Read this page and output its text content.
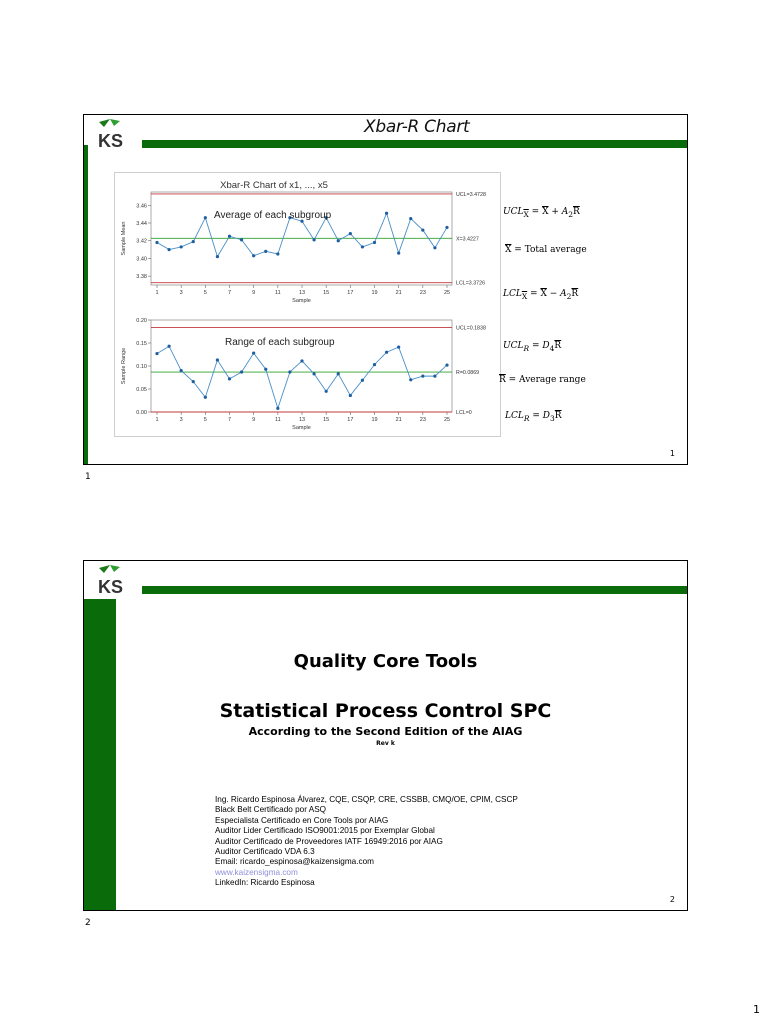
KS
Xbar-R Chart
Xbar-R Chart of x1, ..., x5
3.38
3.40
3.42
3.44
3.46
1	3	5	7	9	11	13	15	17	19	21	23	25
Sample
Sample Mean
UCL=3.4728
X=3.4227
LCL=3.3726
Average of each subgroup
0.00
0.05
0.10
0.15
0.20
1	3	5	7	9	11	13	15	17	19	21	23	25
Sample
Sample Range
UCL=0.1838
R=0.0869
LCL=0
Range of each subgroup
$UCL_{\overline{X}} = \overline{X} + A_2\overline{R}$
$\overline{X}$ = Total average
$LCL_{\overline{X}} = \overline{X} - A_2\overline{R}$
$UCL_R = D_4\overline{R}$
$\overline{R}$ = Average range
$LCL_R = D_3\overline{R}$
1
1
KS
Quality Core Tools
Statistical Process Control SPC
According to the Second Edition of the AIAG
Rev k
Ing. Ricardo Espinosa Álvarez, CQE, CSQP, CRE, CSSBB, CMQ/OE, CPIM, CSCP
Black Belt Certificado por ASQ
Especialista Certificado en Core Tools por AIAG
Auditor Lider Certificado ISO9001:2015 por Exemplar Global
Auditor Certificado de Proveedores IATF 16949:2016 por AIAG
Auditor Certificado VDA 6.3
Email: ricardo_espinosa@kaizensigma.com
www.kaizensigma.com
LinkedIn: Ricardo Espinosa
2
2
1
